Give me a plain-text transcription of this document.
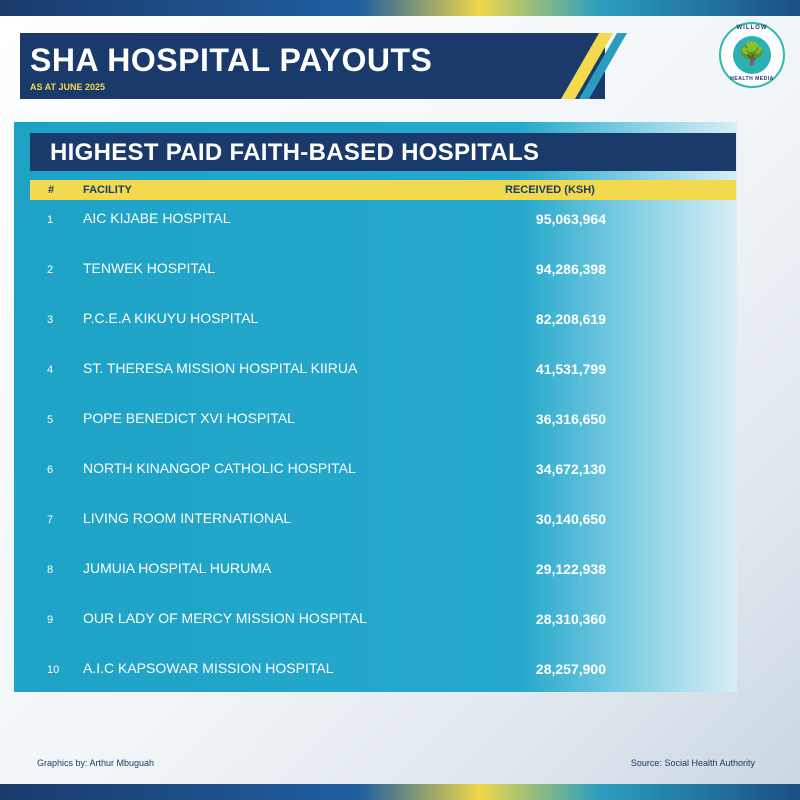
SHA HOSPITAL PAYOUTS
AS AT JUNE 2025
WILLOW
🌳
HEALTH MEDIA
HIGHEST PAID FAITH-BASED HOSPITALS
#	FACILITY	RECEIVED (KSH)
1 AIC KIJABE HOSPITAL	95,063,964
2 TENWEK HOSPITAL	94,286,398
3 P.C.E.A KIKUYU HOSPITAL	82,208,619
4 ST. THERESA MISSION HOSPITAL KIIRUA	41,531,799
5 POPE BENEDICT XVI HOSPITAL	36,316,650
6 NORTH KINANGOP CATHOLIC HOSPITAL	34,672,130
7 LIVING ROOM INTERNATIONAL	30,140,650
8 JUMUIA HOSPITAL HURUMA	29,122,938
9 OUR LADY OF MERCY MISSION HOSPITAL	28,310,360
10 A.I.C KAPSOWAR MISSION HOSPITAL	28,257,900
Graphics by: Arthur Mbuguah	Source: Social Health Authority
